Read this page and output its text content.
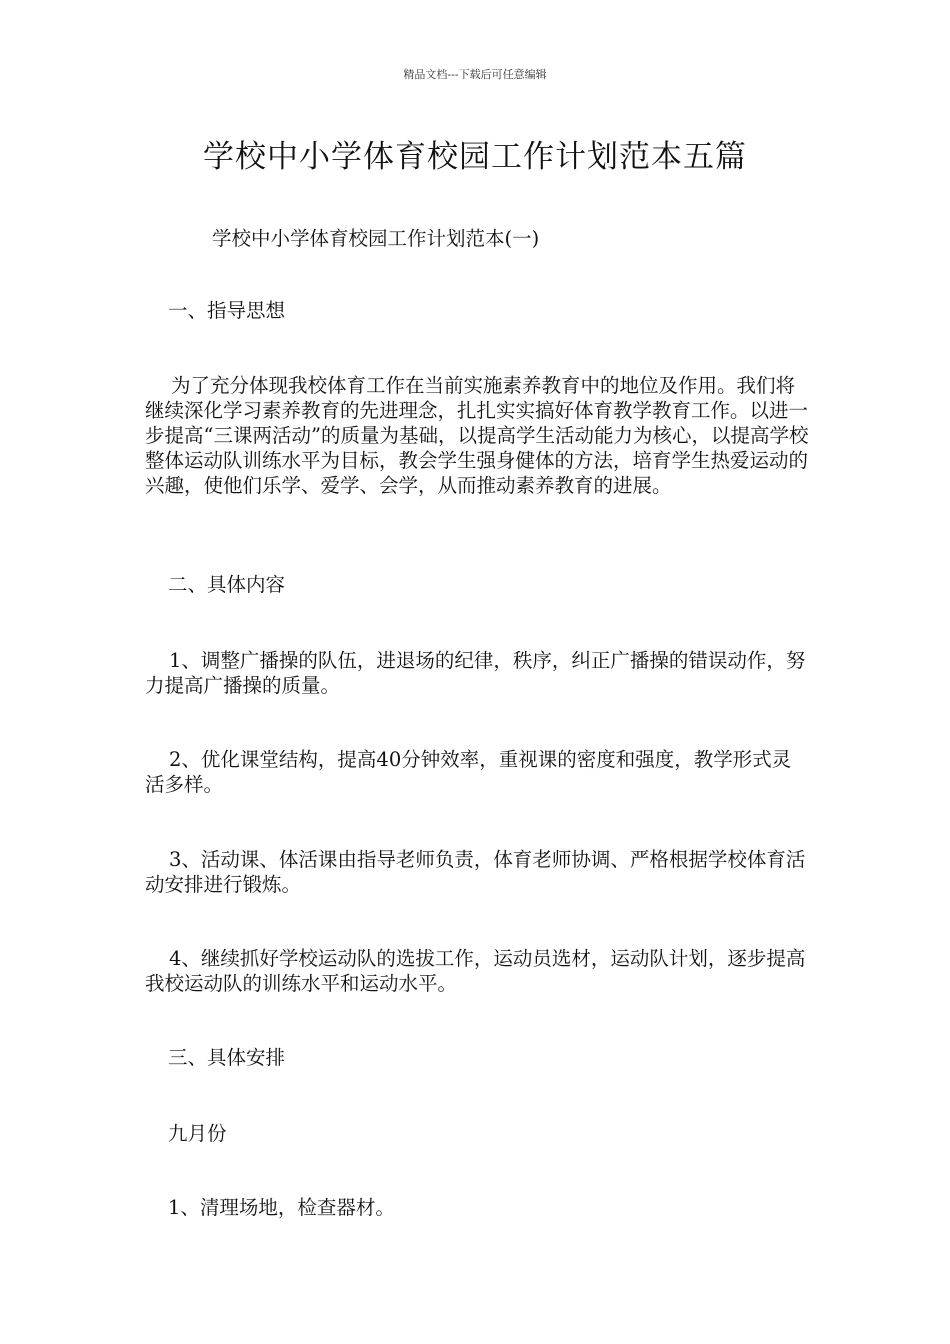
精品文档---下载后可任意编辑
学校中小学体育校园工作计划范本五篇

学校中小学体育校园工作计划范本(一)

一、指导思想

为了充分体现我校体育工作在当前实施素养教育中的地位及作用。我们将继续深化学习素养教育的先进理念，扎扎实实搞好体育教学教育工作。以进一步提高“三课两活动”的质量为基础，以提高学生活动能力为核心，以提高学校整体运动队训练水平为目标，教会学生强身健体的方法，培育学生热爱运动的兴趣，使他们乐学、爱学、会学，从而推动素养教育的进展。

二、具体内容

1、调整广播操的队伍，进退场的纪律，秩序，纠正广播操的错误动作，努力提高广播操的质量。

2、优化课堂结构，提高40分钟效率，重视课的密度和强度，教学形式灵活多样。

3、活动课、体活课由指导老师负责，体育老师协调、严格根据学校体育活动安排进行锻炼。

4、继续抓好学校运动队的选拔工作，运动员选材，运动队计划，逐步提高我校运动队的训练水平和运动水平。

三、具体安排

九月份

1、清理场地，检查器材。
